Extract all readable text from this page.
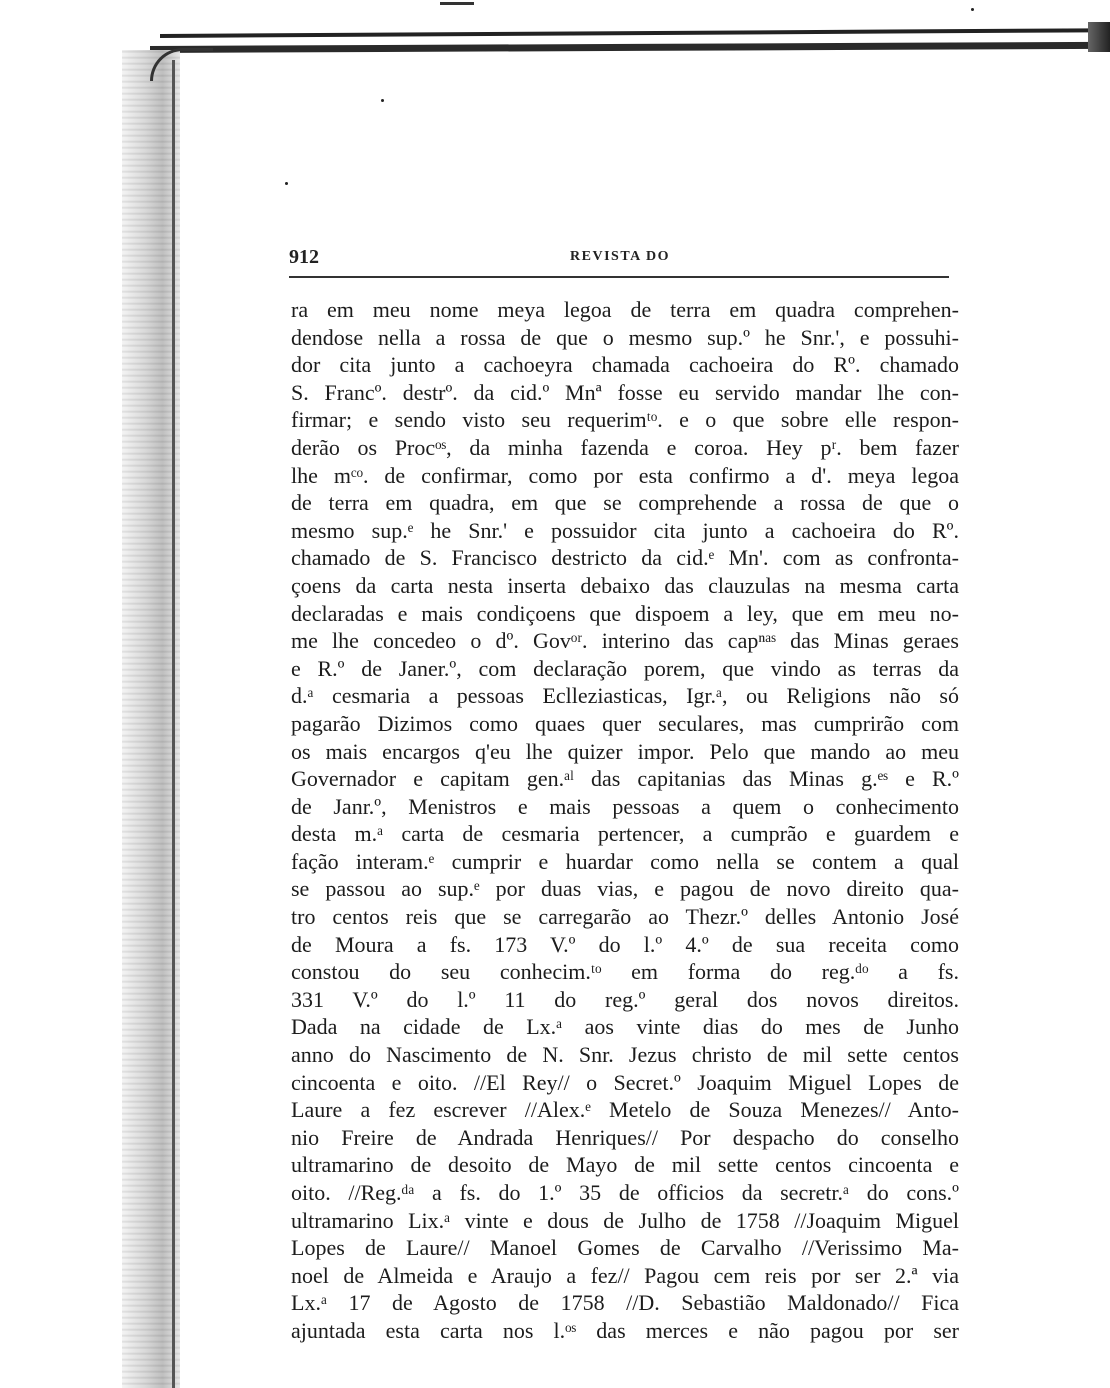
912	REVISTA DO
ra em meu nome meya legoa de terra em quadra comprehen-
dendose nella a rossa de que o mesmo sup.º he Snr.', e possuhi-
dor cita junto a cachoeyra chamada cachoeira do Rº. chamado
S. Francº. destrº. da cid.º Mnª fosse eu servido mandar lhe con-
firmar; e sendo visto seu requerimᵗᵒ. e o que sobre elle respon-
derão os Procᵒˢ, da minha fazenda e coroa. Hey pʳ. bem fazer
lhe mᶜᵒ. de confirmar, como por esta confirmo a d'. meya legoa
de terra em quadra, em que se comprehende a rossa de que o
mesmo sup.ᵉ he Snr.' e possuidor cita junto a cachoeira do Rº.
chamado de S. Francisco destricto da cid.ᵉ Mn'. com as confronta-
çoens da carta nesta inserta debaixo das clauzulas na mesma carta
declaradas e mais condiçoens que dispoem a ley, que em meu no-
me lhe concedeo o dº. Govᵒʳ. interino das capⁿᵃˢ das Minas geraes
e R.º de Janer.º, com declaração porem, que vindo as terras da
d.ᵃ cesmaria a pessoas Eclleziasticas, Igr.ᵃ, ou Religions não só
pagarão Dizimos como quaes quer seculares, mas cumprirão com
os mais encargos q'eu lhe quizer impor. Pelo que mando ao meu
Governador e capitam gen.ᵃˡ das capitanias das Minas g.ᵉˢ e R.º
de Janr.º, Menistros e mais pessoas a quem o conhecimento
desta m.ᵃ carta de cesmaria pertencer, a cumprão e guardem e
fação interam.ᵉ cumprir e huardar como nella se contem a qual
se passou ao sup.ᵉ por duas vias, e pagou de novo direito qua-
tro centos reis que se carregarão ao Thezr.º delles Antonio José
de Moura a fs. 173 V.º do l.º 4.º de sua receita como
constou do seu conhecim.ᵗᵒ em forma do reg.ᵈᵒ a fs.
331 V.º do l.º 11 do reg.º geral dos novos direitos.
Dada na cidade de Lx.ᵃ aos vinte dias do mes de Junho
anno do Nascimento de N. Snr. Jezus christo de mil sette centos
cincoenta e oito. //El Rey// o Secret.º Joaquim Miguel Lopes de
Laure a fez escrever //Alex.ᵉ Metelo de Souza Menezes// Anto-
nio Freire de Andrada Henriques// Por despacho do conselho
ultramarino de desoito de Mayo de mil sette centos cincoenta e
oito. //Reg.ᵈᵃ a fs. do 1.º 35 de officios da secretr.ᵃ do cons.º
ultramarino Lix.ᵃ vinte e dous de Julho de 1758 //Joaquim Miguel
Lopes de Laure// Manoel Gomes de Carvalho //Verissimo Ma-
noel de Almeida e Araujo a fez// Pagou cem reis por ser 2.ª via
Lx.ᵃ 17 de Agosto de 1758 //D. Sebastião Maldonado// Fica
ajuntada esta carta nos l.ᵒˢ das merces e não pagou por ser
